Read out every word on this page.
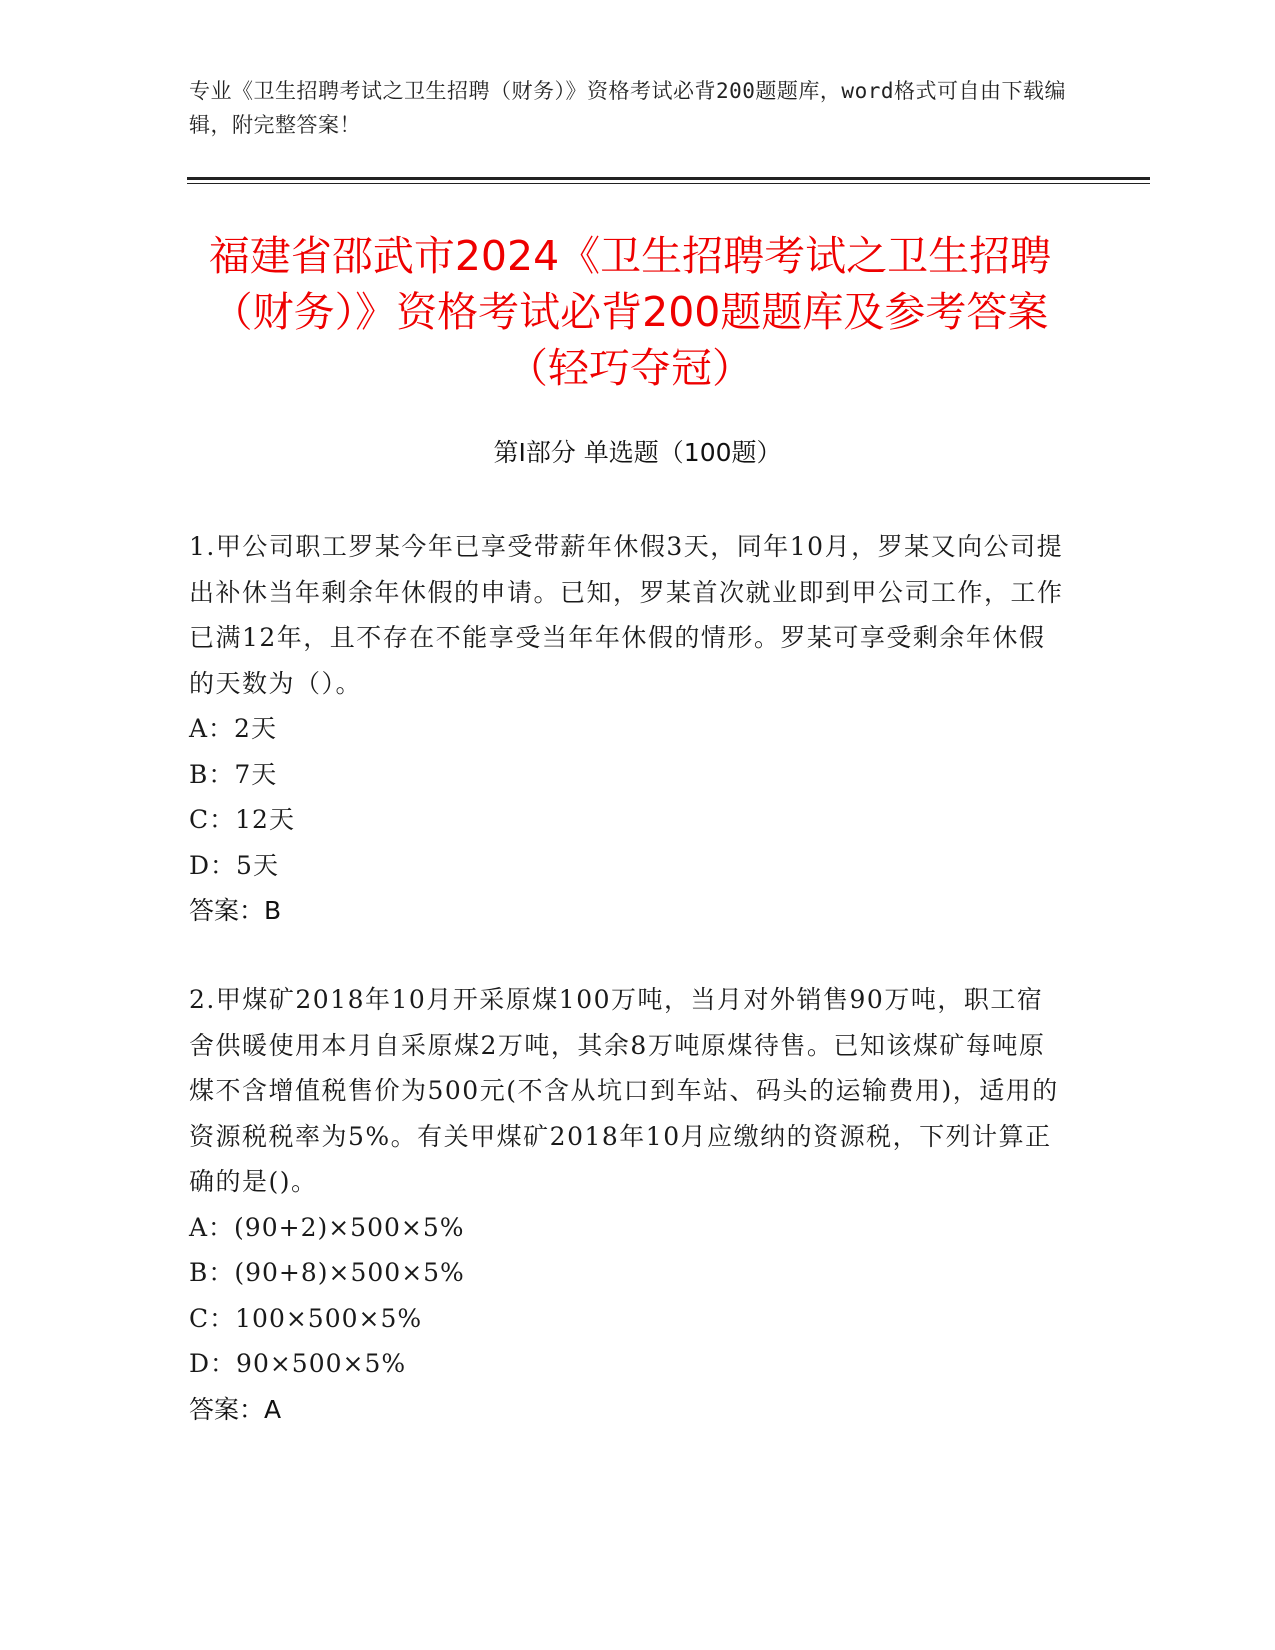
专业《卫生招聘考试之卫生招聘（财务）》资格考试必背200题题库，word格式可自由下载编辑，附完整答案！
福建省邵武市2024《卫生招聘考试之卫生招聘（财务）》资格考试必背200题题库及参考答案（轻巧夺冠）
第I部分 单选题（100题）
1.甲公司职工罗某今年已享受带薪年休假3天，同年10月，罗某又向公司提出补休当年剩余年休假的申请。已知，罗某首次就业即到甲公司工作，工作已满12年，且不存在不能享受当年年休假的情形。罗某可享受剩余年休假的天数为（）。
A：2天
B：7天
C：12天
D：5天
答案：B
2.甲煤矿2018年10月开采原煤100万吨，当月对外销售90万吨，职工宿舍供暖使用本月自采原煤2万吨，其余8万吨原煤待售。已知该煤矿每吨原煤不含增值税售价为500元(不含从坑口到车站、码头的运输费用)，适用的资源税税率为5%。有关甲煤矿2018年10月应缴纳的资源税，下列计算正确的是()。
A：(90+2)×500×5%
B：(90+8)×500×5%
C：100×500×5%
D：90×500×5%
答案：A
